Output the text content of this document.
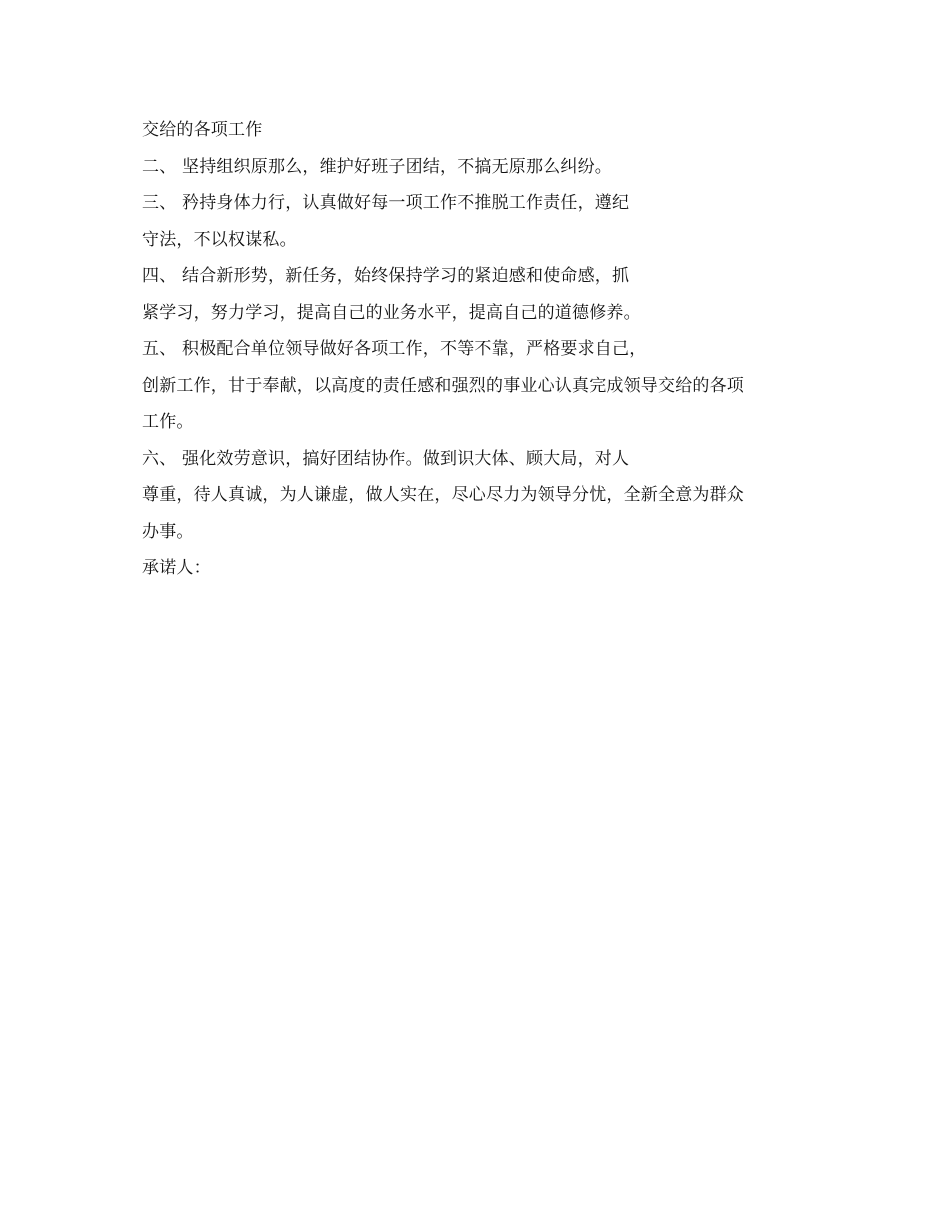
交给的各项工作
二、 坚持组织原那么，维护好班子团结，不搞无原那么纠纷。
三、 矜持身体力行，认真做好每一项工作不推脱工作责任，遵纪
守法，不以权谋私。
四、 结合新形势，新任务，始终保持学习的紧迫感和使命感，抓
紧学习，努力学习，提高自己的业务水平，提高自己的道德修养。
五、 积极配合单位领导做好各项工作，不等不靠，严格要求自己，
创新工作，甘于奉献，以高度的责任感和强烈的事业心认真完成领导交给的各项
工作。
六、 强化效劳意识，搞好团结协作。做到识大体、顾大局，对人
尊重，待人真诚，为人谦虚，做人实在，尽心尽力为领导分忧，全新全意为群众
办事。
承诺人：
